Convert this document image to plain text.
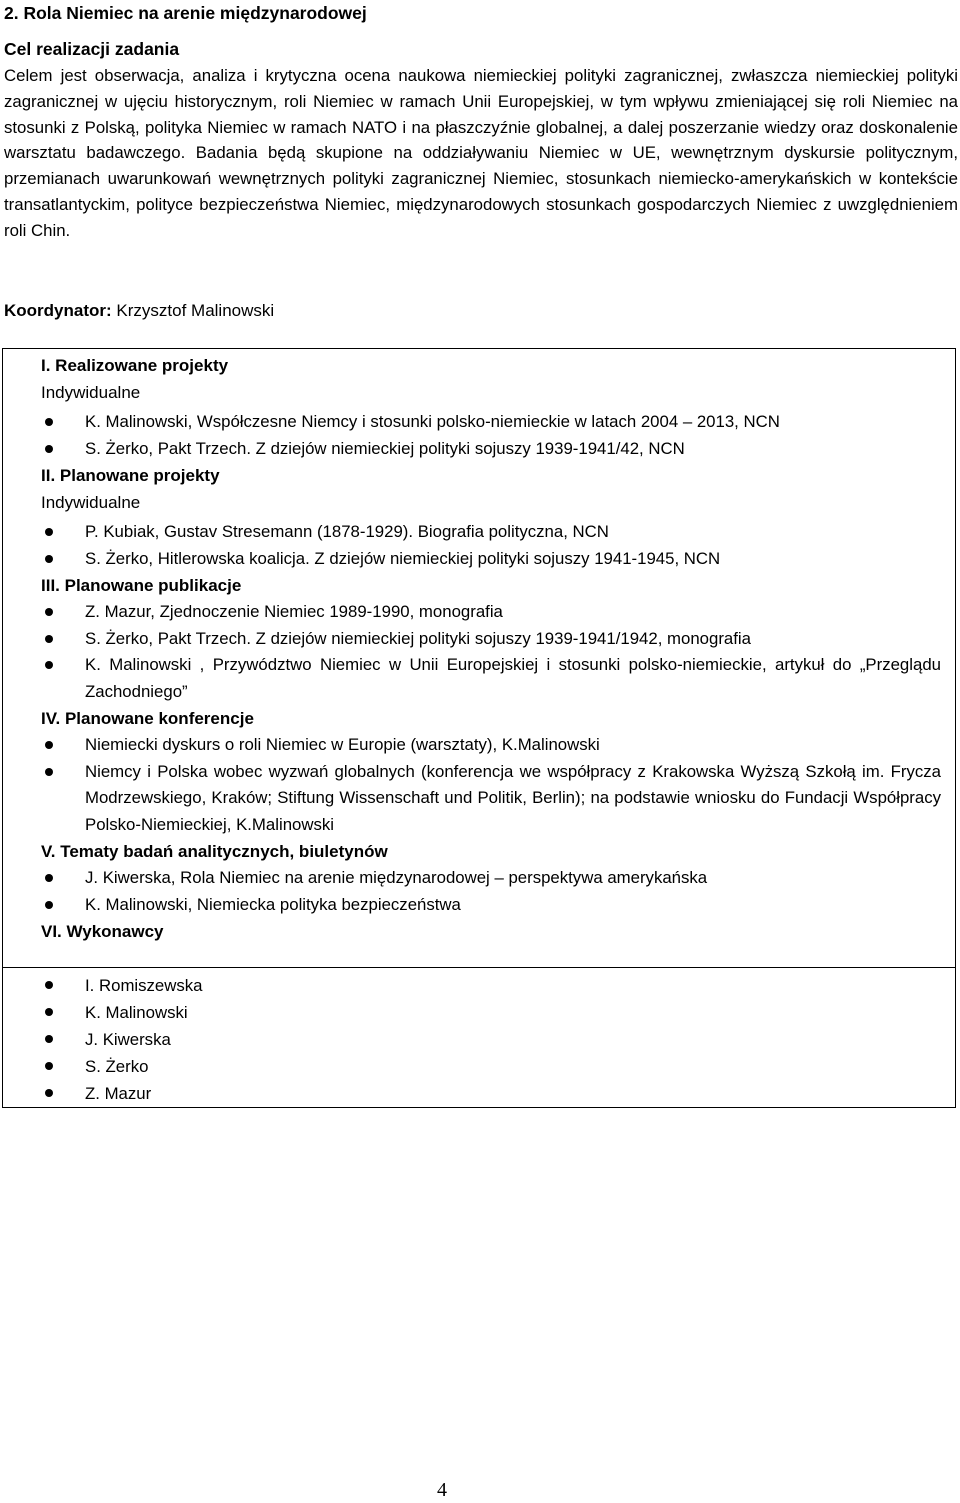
2. Rola Niemiec na arenie międzynarodowej
Cel realizacji zadania

Celem jest obserwacja, analiza i krytyczna ocena naukowa niemieckiej polityki zagranicznej, zwłaszcza niemieckiej polityki zagranicznej w ujęciu historycznym, roli Niemiec w ramach Unii Europejskiej, w tym wpływu zmieniającej się roli Niemiec na stosunki z Polską, polityka Niemiec w ramach NATO i na płaszczyźnie globalnej, a dalej poszerzanie wiedzy oraz doskonalenie warsztatu badawczego. Badania będą skupione na oddziaływaniu Niemiec w UE, wewnętrznym dyskursie politycznym, przemianach uwarunkowań wewnętrznych polityki zagranicznej Niemiec, stosunkach niemiecko-amerykańskich w kontekście transatlantyckim, polityce bezpieczeństwa Niemiec, międzynarodowych stosunkach gospodarczych Niemiec z uwzględnieniem roli Chin.

Koordynator: Krzysztof Malinowski
I. Realizowane projekty
Indywidualne
K. Malinowski, Współczesne Niemcy i stosunki polsko-niemieckie w latach 2004 – 2013, NCN
S. Żerko, Pakt Trzech. Z dziejów niemieckiej polityki sojuszy 1939-1941/42, NCN
II. Planowane projekty
Indywidualne
P. Kubiak, Gustav Stresemann (1878-1929). Biografia polityczna, NCN
S. Żerko, Hitlerowska koalicja. Z dziejów niemieckiej polityki sojuszy 1941-1945, NCN
III. Planowane publikacje
Z. Mazur, Zjednoczenie Niemiec 1989-1990, monografia
S. Żerko, Pakt Trzech. Z dziejów niemieckiej polityki sojuszy 1939-1941/1942, monografia
K. Malinowski , Przywództwo Niemiec w Unii Europejskiej i stosunki polsko-niemieckie, artykuł do „Przeglądu Zachodniego”
IV. Planowane konferencje
Niemiecki dyskurs o roli Niemiec w Europie (warsztaty), K.Malinowski
Niemcy i Polska wobec wyzwań globalnych (konferencja we współpracy z Krakowska Wyższą Szkołą im. Frycza Modrzewskiego, Kraków; Stiftung Wissenschaft und Politik, Berlin); na podstawie wniosku do Fundacji Współpracy Polsko-Niemieckiej, K.Malinowski
V. Tematy badań analitycznych, biuletynów
J. Kiwerska, Rola Niemiec na arenie międzynarodowej – perspektywa amerykańska
K. Malinowski, Niemiecka polityka bezpieczeństwa
VI. Wykonawcy
I. Romiszewska
K. Malinowski
J. Kiwerska
S. Żerko
Z. Mazur
4
